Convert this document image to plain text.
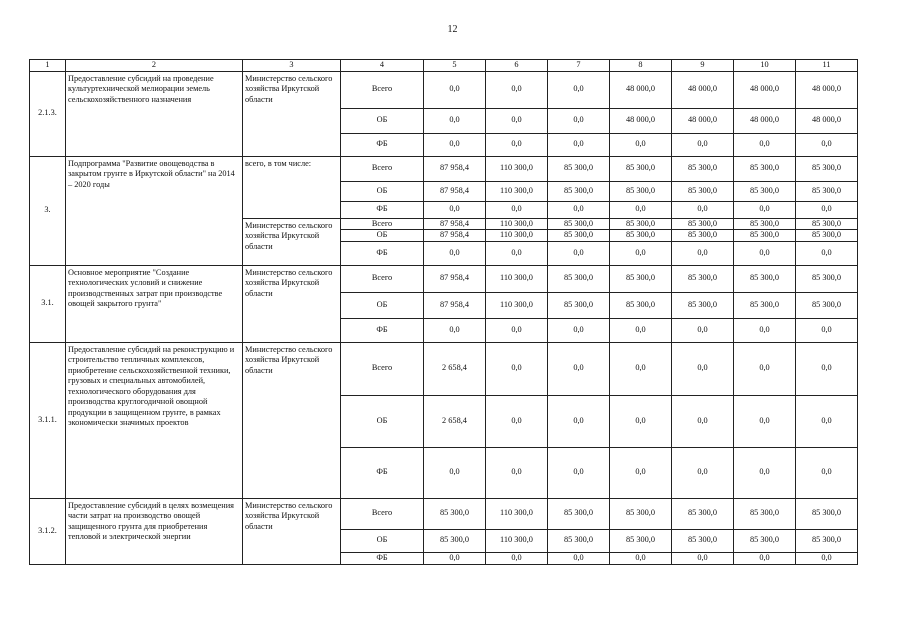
12
1	2	3	4	5	6	7	8	9	10	11
2.1.3.	Предоставление субсидий на проведение культуртехнической мелиорации земель сельскохозяйственного назначения	Министерство сельского хозяйства Иркутской области	Всего	0,0	0,0	0,0	48 000,0	48 000,0	48 000,0	48 000,0
			ОБ	0,0	0,0	0,0	48 000,0	48 000,0	48 000,0	48 000,0
			ФБ	0,0	0,0	0,0	0,0	0,0	0,0	0,0
3.	Подпрограмма "Развитие овощеводства в закрытом грунте в Иркутской области" на 2014 – 2020 годы	всего, в том числе:	Всего	87 958,4	110 300,0	85 300,0	85 300,0	85 300,0	85 300,0	85 300,0
			ОБ	87 958,4	110 300,0	85 300,0	85 300,0	85 300,0	85 300,0	85 300,0
			ФБ	0,0	0,0	0,0	0,0	0,0	0,0	0,0
		Министерство сельского хозяйства Иркутской области	Всего	87 958,4	110 300,0	85 300,0	85 300,0	85 300,0	85 300,0	85 300,0
			ОБ	87 958,4	110 300,0	85 300,0	85 300,0	85 300,0	85 300,0	85 300,0
			ФБ	0,0	0,0	0,0	0,0	0,0	0,0	0,0
3.1.	Основное мероприятие "Создание технологических условий и снижение производственных затрат при производстве овощей закрытого грунта"	Министерство сельского хозяйства Иркутской области	Всего	87 958,4	110 300,0	85 300,0	85 300,0	85 300,0	85 300,0	85 300,0
			ОБ	87 958,4	110 300,0	85 300,0	85 300,0	85 300,0	85 300,0	85 300,0
			ФБ	0,0	0,0	0,0	0,0	0,0	0,0	0,0
3.1.1.	Предоставление субсидий на реконструкцию и строительство тепличных комплексов, приобретение сельскохозяйственной техники, грузовых и специальных автомобилей, технологического оборудования для производства круглогодичной овощной продукции в защищенном грунте, в рамках экономически значимых проектов	Министерство сельского хозяйства Иркутской области	Всего	2 658,4	0,0	0,0	0,0	0,0	0,0	0,0
			ОБ	2 658,4	0,0	0,0	0,0	0,0	0,0	0,0
			ФБ	0,0	0,0	0,0	0,0	0,0	0,0	0,0
3.1.2.	Предоставление субсидий в целях возмещения части затрат на производство овощей защищенного грунта для приобретения тепловой и электрической энергии	Министерство сельского хозяйства Иркутской области	Всего	85 300,0	110 300,0	85 300,0	85 300,0	85 300,0	85 300,0	85 300,0
			ОБ	85 300,0	110 300,0	85 300,0	85 300,0	85 300,0	85 300,0	85 300,0
			ФБ	0,0	0,0	0,0	0,0	0,0	0,0	0,0
